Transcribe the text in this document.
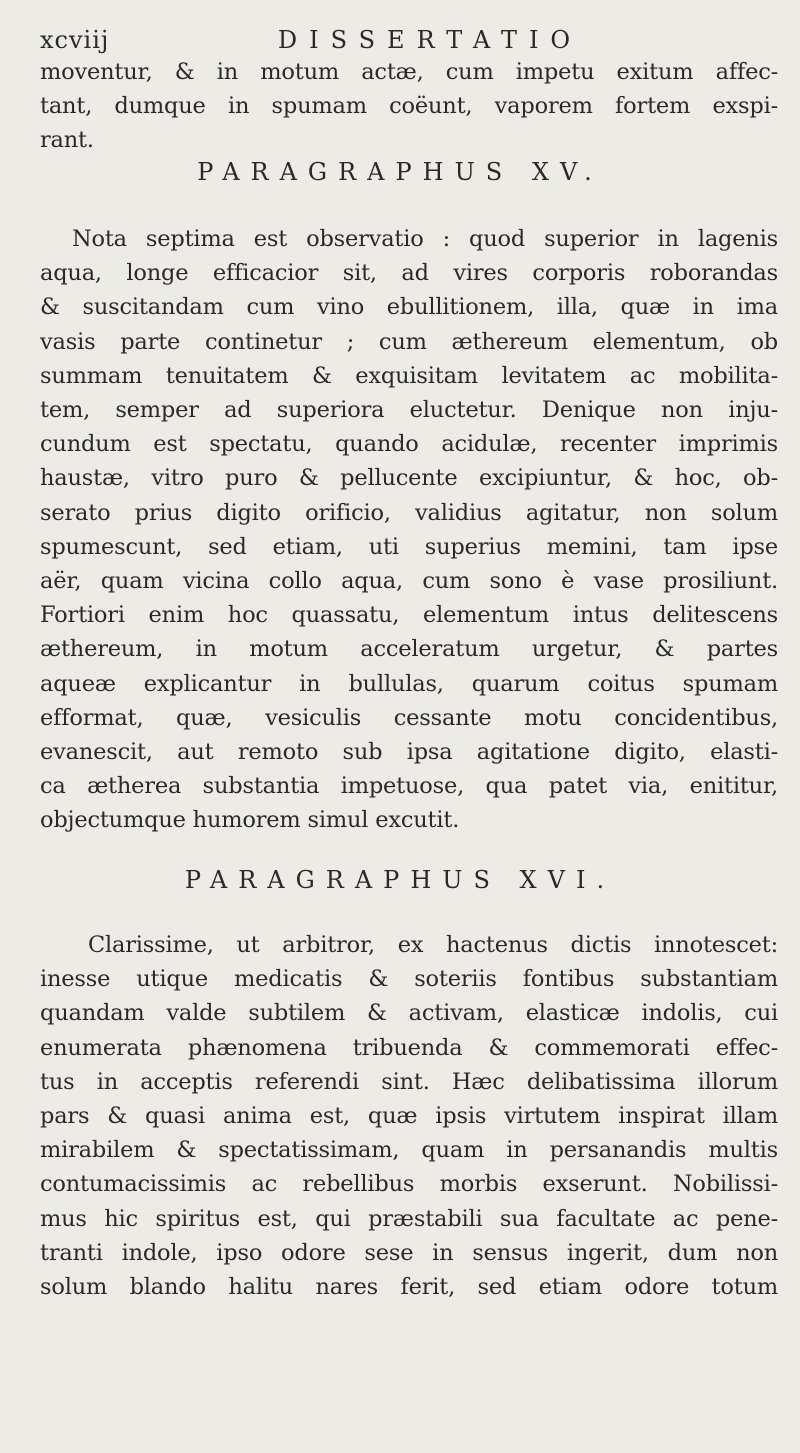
xcviij	DISSERTATIO
moventur, & in motum actæ, cum impetu exitum affec-
tant, dumque in spumam coëunt, vaporem fortem exspi-
rant.
PARAGRAPHUS XV.
Nota septima est observatio : quod superior in lagenis
aqua, longe efficacior sit, ad vires corporis roborandas
& suscitandam cum vino ebullitionem, illa, quæ in ima
vasis parte continetur ; cum æthereum elementum, ob
summam tenuitatem & exquisitam levitatem ac mobilita-
tem, semper ad superiora eluctetur. Denique non inju-
cundum est spectatu, quando acidulæ, recenter imprimis
haustæ, vitro puro & pellucente excipiuntur, & hoc, ob-
serato prius digito orificio, validius agitatur, non solum
spumescunt, sed etiam, uti superius memini, tam ipse
aër, quam vicina collo aqua, cum sono è vase prosiliunt.
Fortiori enim hoc quassatu, elementum intus delitescens
æthereum, in motum acceleratum urgetur, & partes
aqueæ explicantur in bullulas, quarum coitus spumam
efformat, quæ, vesiculis cessante motu concidentibus,
evanescit, aut remoto sub ipsa agitatione digito, elasti-
ca ætherea substantia impetuose, qua patet via, enititur,
objectumque humorem simul excutit.
PARAGRAPHUS XVI.
Clarissime, ut arbitror, ex hactenus dictis innotescet:
inesse utique medicatis & soteriis fontibus substantiam
quandam valde subtilem & activam, elasticæ indolis, cui
enumerata phænomena tribuenda & commemorati effec-
tus in acceptis referendi sint. Hæc delibatissima illorum
pars & quasi anima est, quæ ipsis virtutem inspirat illam
mirabilem & spectatissimam, quam in persanandis multis
contumacissimis ac rebellibus morbis exserunt. Nobilissi-
mus hic spiritus est, qui præstabili sua facultate ac pene-
tranti indole, ipso odore sese in sensus ingerit, dum non
solum blando halitu nares ferit, sed etiam odore totum
